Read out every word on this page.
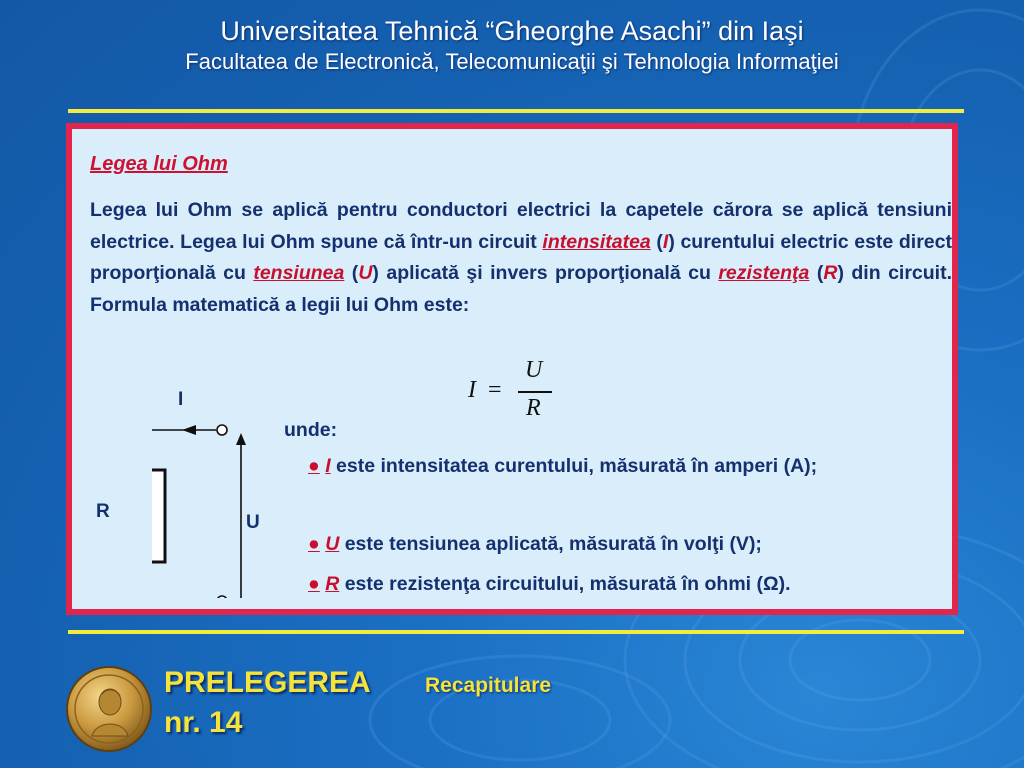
Universitatea Tehnică “Gheorghe Asachi” din Iaşi
Facultatea de Electronică, Telecomunicaţii şi Tehnologia Informaţiei

Legea lui Ohm

Legea lui Ohm se aplică pentru conductori electrici la capetele cărora se aplică tensiuni electrice. Legea lui Ohm spune că într-un circuit intensitatea (I) curentului electric este direct proporţională cu tensiunea (U) aplicată şi invers proporţională cu rezistenţa (R) din circuit. Formula matematică a legii lui Ohm este:

I =
U
R

I

R

U

unde:

● I este intensitatea curentului, măsurată în amperi (A);

● U este tensiunea aplicată, măsurată în volţi (V);

● R este rezistenţa circuitului, măsurată în ohmi (Ω).

PRELEGEREA	Recapitulare

nr. 14
